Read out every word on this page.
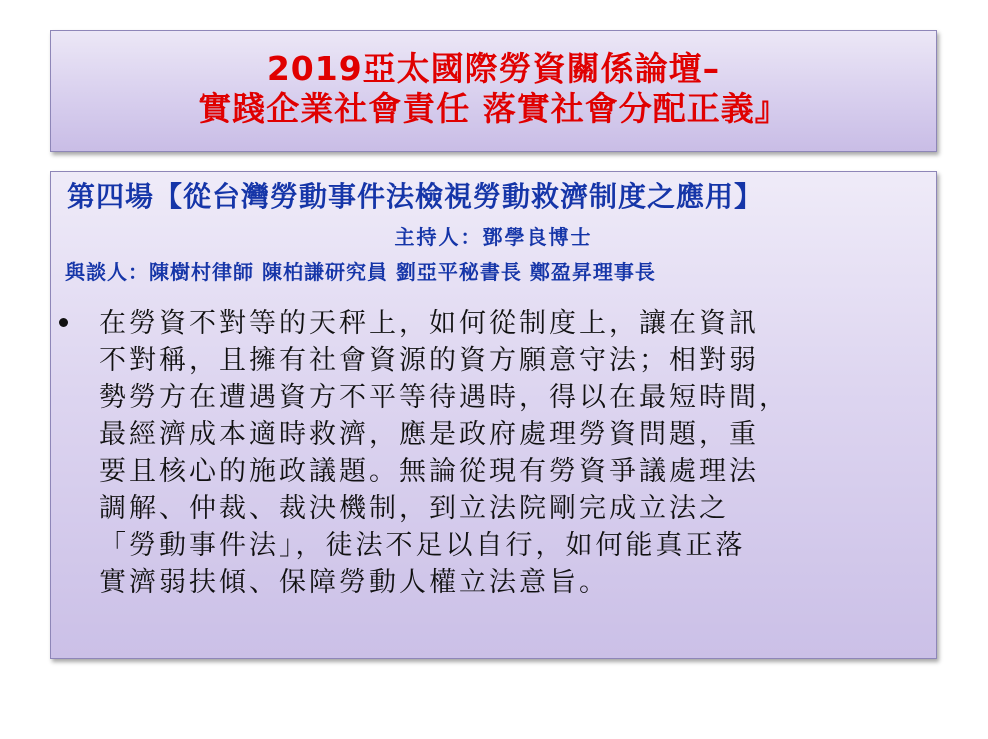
2019亞太國際勞資關係論壇–
實踐企業社會責任 落實社會分配正義』
第四場【從台灣勞動事件法檢視勞動救濟制度之應用】
主持人：鄧學良博士
與談人：陳樹村律師 陳柏謙研究員 劉亞平秘書長 鄭盈昇理事長
在勞資不對等的天秤上，如何從制度上，讓在資訊
不對稱，且擁有社會資源的資方願意守法；相對弱
勢勞方在遭遇資方不平等待遇時，得以在最短時間，
最經濟成本適時救濟，應是政府處理勞資問題，重
要且核心的施政議題。無論從現有勞資爭議處理法
調解、仲裁、裁決機制，到立法院剛完成立法之
「勞動事件法」，徒法不足以自行，如何能真正落
實濟弱扶傾、保障勞動人權立法意旨。
